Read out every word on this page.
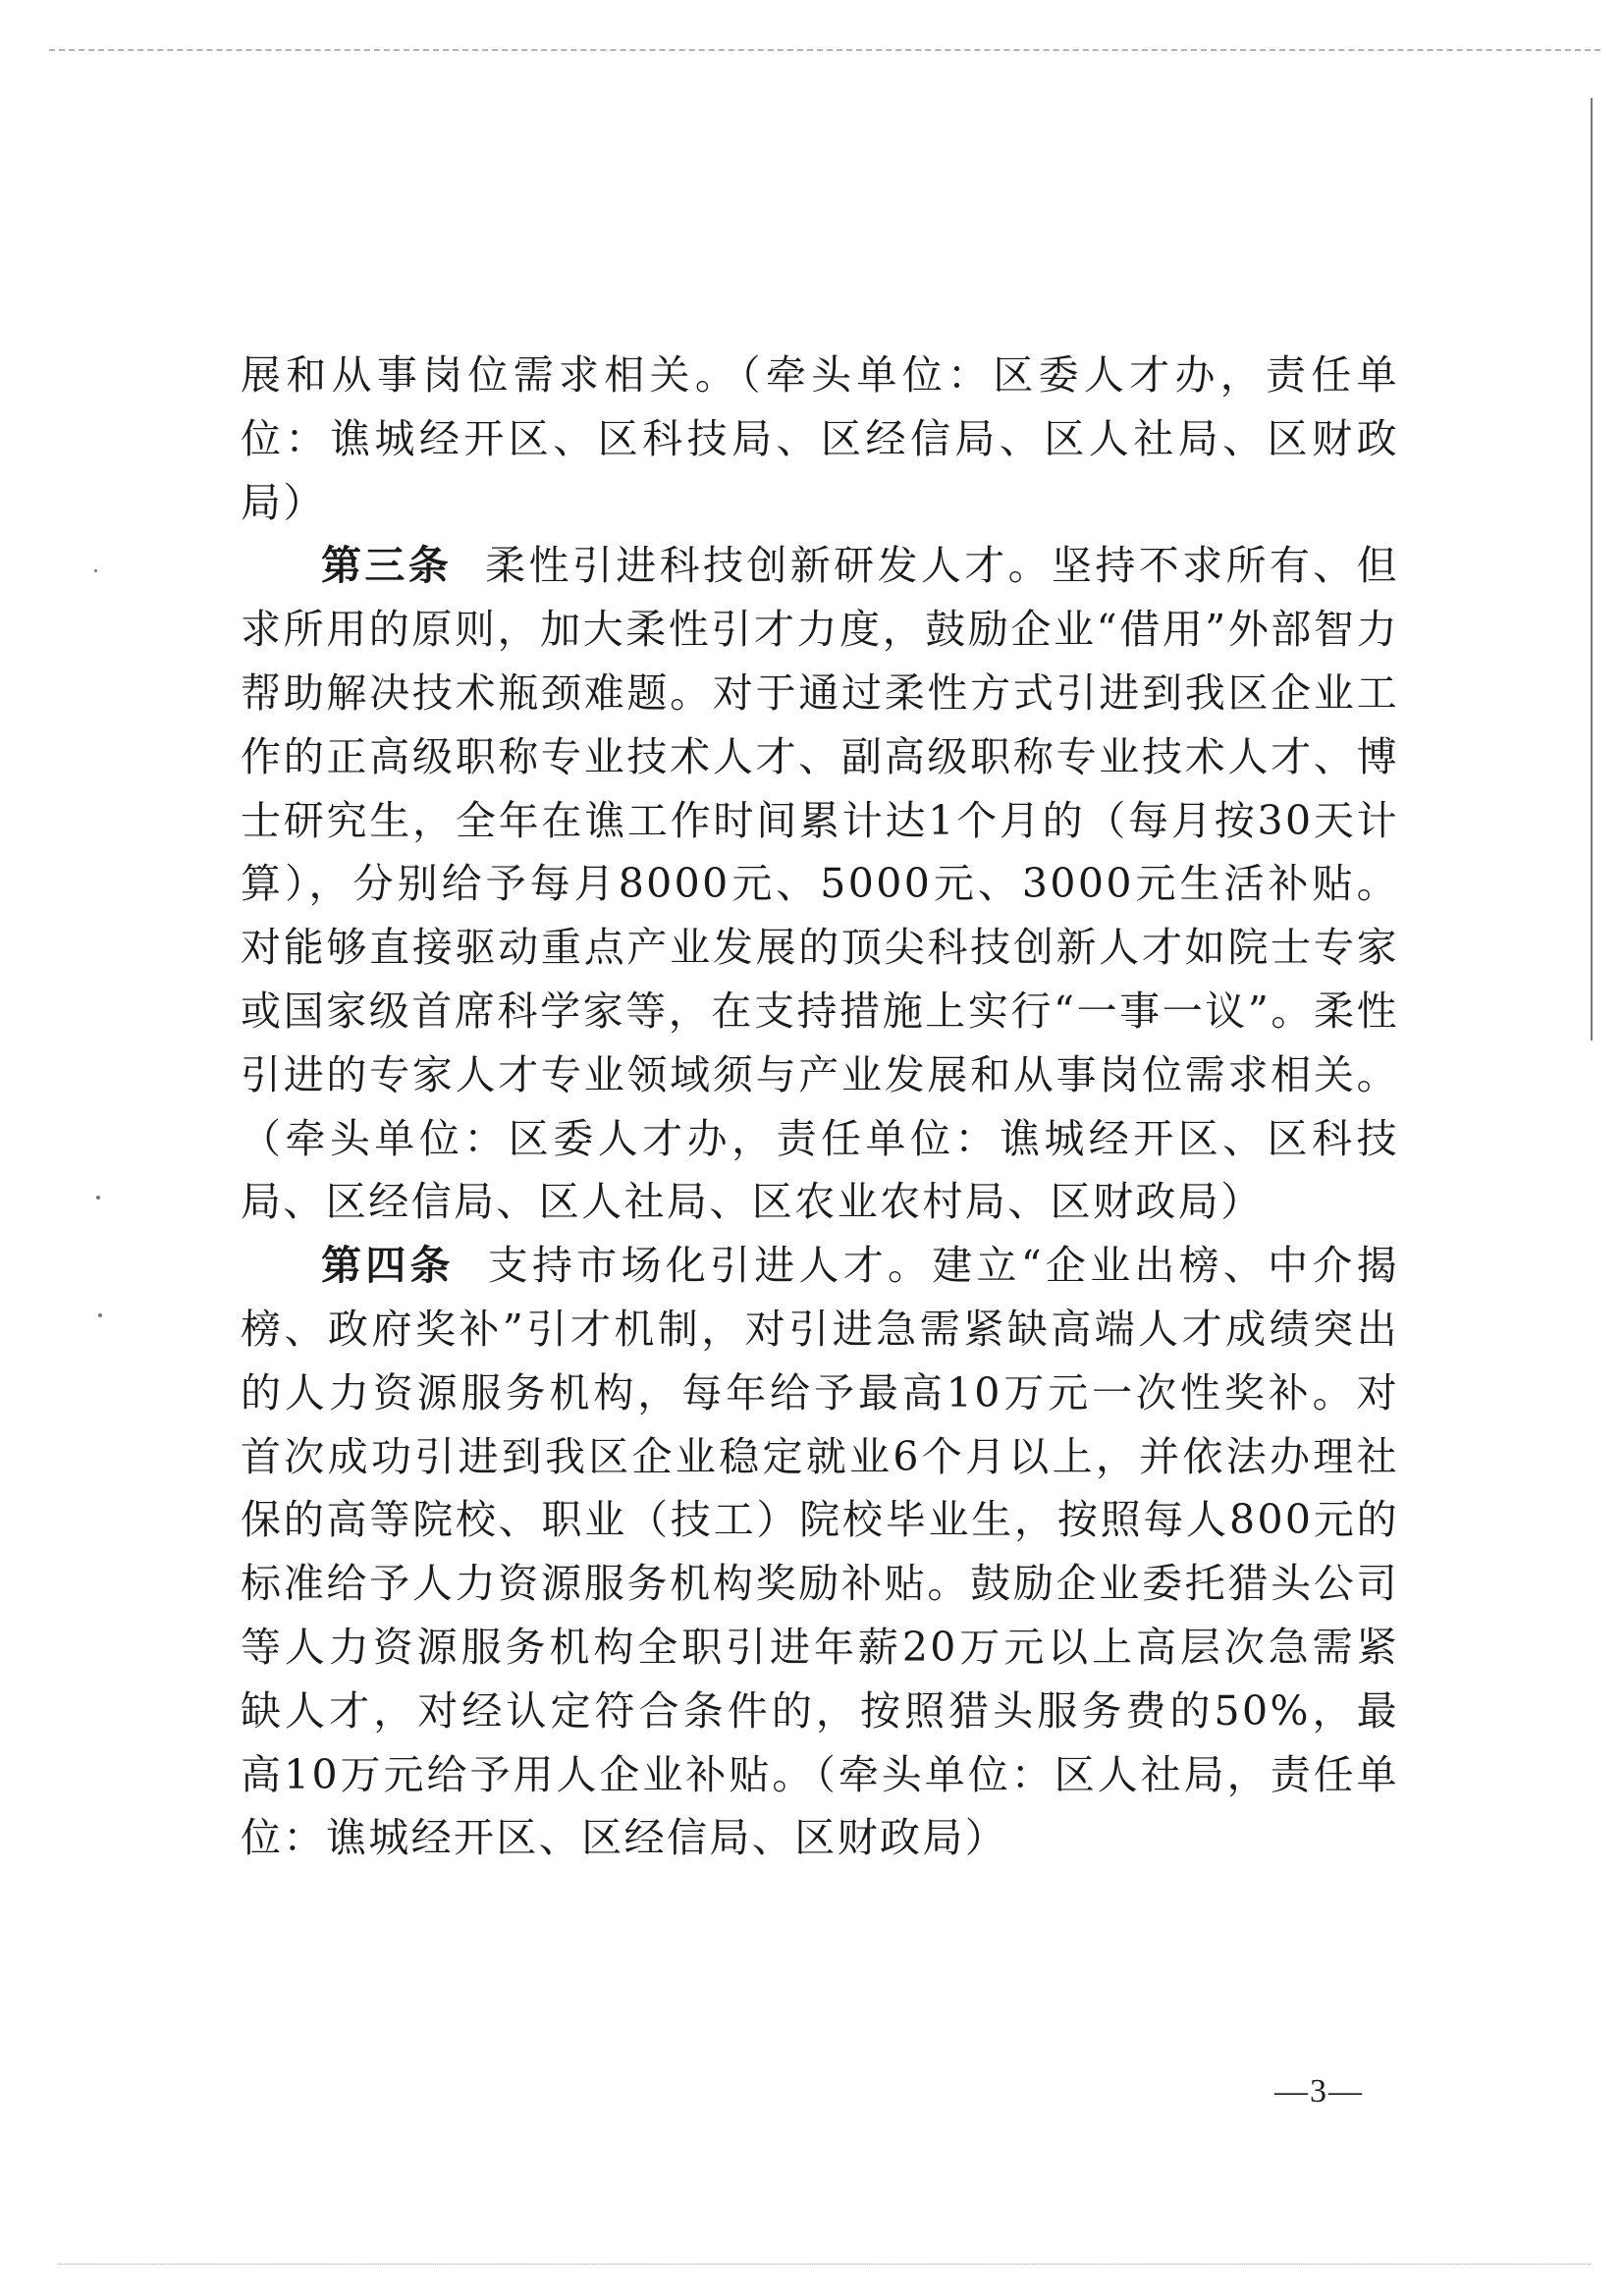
展和从事岗位需求相关。（牵头单位：区委人才办，责任单位：谯城经开区、区科技局、区经信局、区人社局、区财政局）

第三条 柔性引进科技创新研发人才。坚持不求所有、但求所用的原则，加大柔性引才力度，鼓励企业“借用”外部智力帮助解决技术瓶颈难题。对于通过柔性方式引进到我区企业工作的正高级职称专业技术人才、副高级职称专业技术人才、博士研究生，全年在谯工作时间累计达1个月的（每月按30天计算），分别给予每月8000元、5000元、3000元生活补贴。对能够直接驱动重点产业发展的顶尖科技创新人才如院士专家或国家级首席科学家等，在支持措施上实行“一事一议”。柔性引进的专家人才专业领域须与产业发展和从事岗位需求相关。（牵头单位：区委人才办，责任单位：谯城经开区、区科技局、区经信局、区人社局、区农业农村局、区财政局）

第四条 支持市场化引进人才。建立“企业出榜、中介揭榜、政府奖补”引才机制，对引进急需紧缺高端人才成绩突出的人力资源服务机构，每年给予最高10万元一次性奖补。对首次成功引进到我区企业稳定就业6个月以上，并依法办理社保的高等院校、职业（技工）院校毕业生，按照每人800元的标准给予人力资源服务机构奖励补贴。鼓励企业委托猎头公司等人力资源服务机构全职引进年薪20万元以上高层次急需紧缺人才，对经认定符合条件的，按照猎头服务费的50%，最高10万元给予用人企业补贴。（牵头单位：区人社局，责任单位：谯城经开区、区经信局、区财政局）

—3—
